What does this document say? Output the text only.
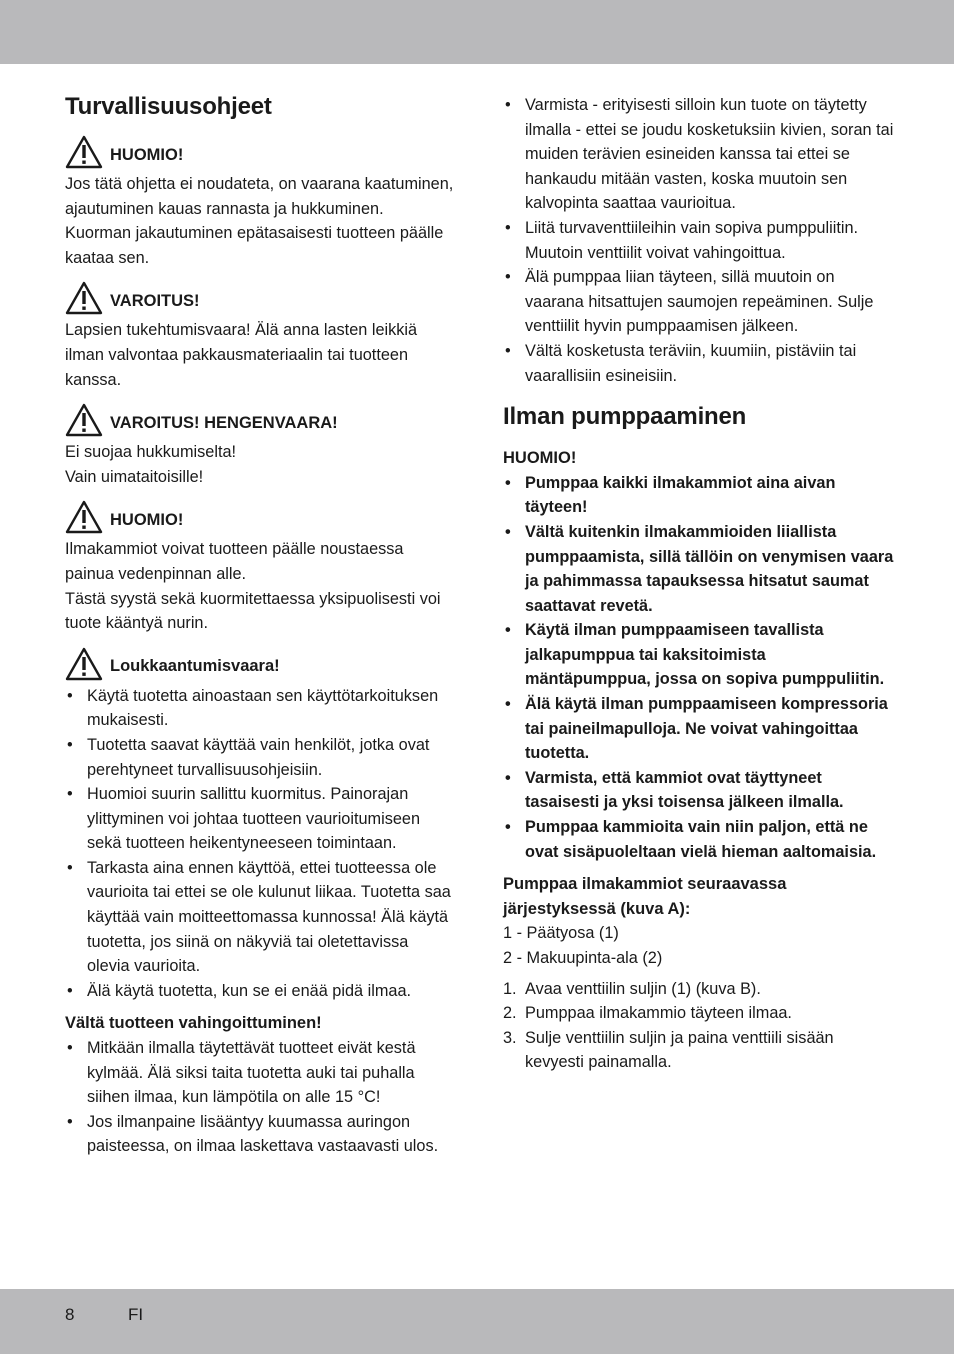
Turvallisuusohjeet
HUOMIO!

Jos tätä ohjetta ei noudateta, on vaarana kaatuminen, ajautuminen kauas rannasta ja hukkuminen.

Kuorman jakautuminen epätasaisesti tuotteen päälle kaataa sen.

VAROITUS!

Lapsien tukehtumisvaara! Älä anna lasten leikkiä ilman valvontaa pakkausmateriaalin tai tuotteen kanssa.

VAROITUS! HENGENVAARA!

Ei suojaa hukkumiselta!

Vain uimataitoisille!

HUOMIO!

Ilmakammiot voivat tuotteen päälle noustaessa painua vedenpinnan alle.

Tästä syystä sekä kuormitettaessa yksipuolisesti voi tuote kääntyä nurin.

Loukkaantumisvaara!
• Käytä tuotetta ainoastaan sen käyttötarkoituksen mukaisesti.
• Tuotetta saavat käyttää vain henkilöt, jotka ovat perehtyneet turvallisuusohjeisiin.
• Huomioi suurin sallittu kuormitus. Painorajan ylittyminen voi johtaa tuotteen vaurioitumiseen sekä tuotteen heikentyneeseen toimintaan.
• Tarkasta aina ennen käyttöä, ettei tuotteessa ole vaurioita tai ettei se ole kulunut liikaa. Tuotetta saa käyttää vain moitteettomassa kunnossa! Älä käytä tuotetta, jos siinä on näkyviä tai oletettavissa olevia vaurioita.
• Älä käytä tuotetta, kun se ei enää pidä ilmaa.

Vältä tuotteen vahingoittuminen!

• Mitkään ilmalla täytettävät tuotteet eivät kestä kylmää. Älä siksi taita tuotetta auki tai puhalla siihen ilmaa, kun lämpötila on alle 15 °C!
• Jos ilmanpaine lisääntyy kuumassa auringon paisteessa, on ilmaa laskettava vastaavasti ulos.
• Varmista - erityisesti silloin kun tuote on täytetty ilmalla - ettei se joudu kosketuksiin kivien, soran tai muiden terävien esineiden kanssa tai ettei se hankaudu mitään vasten, koska muutoin sen kalvopinta saattaa vaurioitua.
• Liitä turvaventtiileihin vain sopiva pumppuliitin. Muutoin venttiilit voivat vahingoittua.
• Älä pumppaa liian täyteen, sillä muutoin on vaarana hitsattujen saumojen repeäminen. Sulje venttiilit hyvin pumppaamisen jälkeen.
• Vältä kosketusta teräviin, kuumiin, pistäviin tai vaarallisiin esineisiin.
Ilman pumppaaminen

HUOMIO!

• Pumppaa kaikki ilmakammiot aina aivan täyteen!
• Vältä kuitenkin ilmakammioiden liiallista pumppaamista, sillä tällöin on venymisen vaara ja pahimmassa tapauksessa hitsatut saumat saattavat revetä.
• Käytä ilman pumppaamiseen tavallista jalkapumppua tai kaksitoimista mäntäpumppua, jossa on sopiva pumppuliitin.
• Älä käytä ilman pumppaamiseen kompressoria tai paineilmapulloja. Ne voivat vahingoittaa tuotetta.
• Varmista, että kammiot ovat täyttyneet tasaisesti ja yksi toisensa jälkeen ilmalla.
• Pumppaa kammioita vain niin paljon, että ne ovat sisäpuoleltaan vielä hieman aaltomaisia.

Pumppaa ilmakammiot seuraavassa järjestyksessä (kuva A):

1 - Päätyosa (1)

2 - Makuupinta-ala (2)

1. Avaa venttiilin suljin (1) (kuva B).
2. Pumppaa ilmakammio täyteen ilmaa.
3. Sulje venttiilin suljin ja paina venttiili sisään kevyesti painamalla.
8	FI
